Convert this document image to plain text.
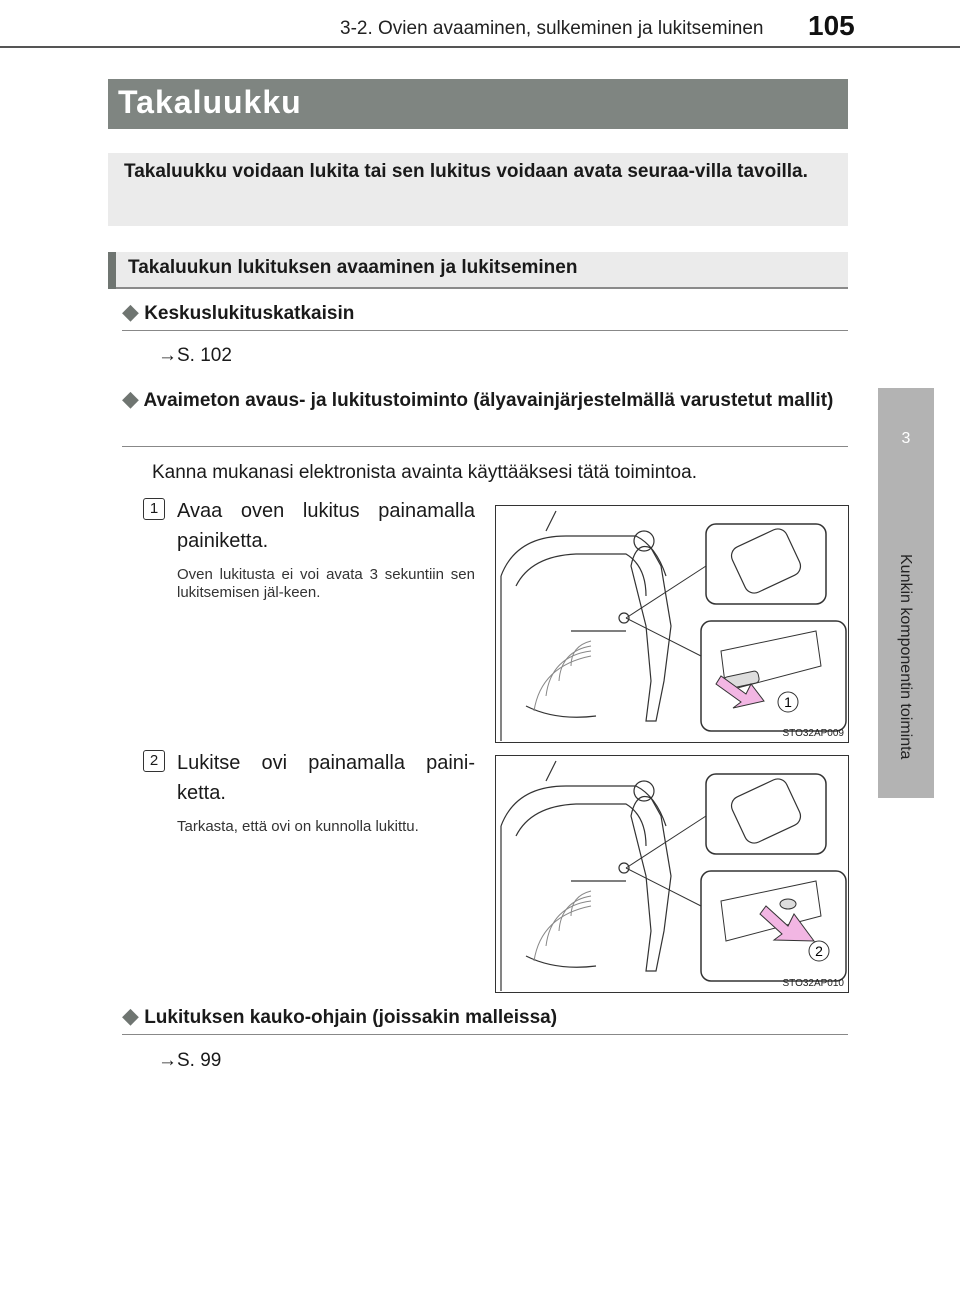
3-2. Ovien avaaminen, sulkeminen ja lukitseminen 105
3
Kunkin komponentin toiminta
Takaluukku
Takaluukku voidaan lukita tai sen lukitus voidaan avata seuraa-villa tavoilla.
Takaluukun lukituksen avaaminen ja lukitseminen
◆ Keskuslukituskatkaisin
→S. 102
◆ Avaimeton avaus- ja lukitustoiminto (älyavainjärjestelmällä varustetut mallit)
Kanna mukanasi elektronista avainta käyttääksesi tätä toimintoa.
1 Avaa oven lukitus painamalla painiketta.
Oven lukitusta ei voi avata 3 sekuntiin sen lukitsemisen jäl-keen.
1
STO32AP009
2 Lukitse ovi painamalla paini-ketta.
Tarkasta, että ovi on kunnolla lukittu.
2
STO32AP010
◆ Lukituksen kauko-ohjain (joissakin malleissa)
→S. 99
